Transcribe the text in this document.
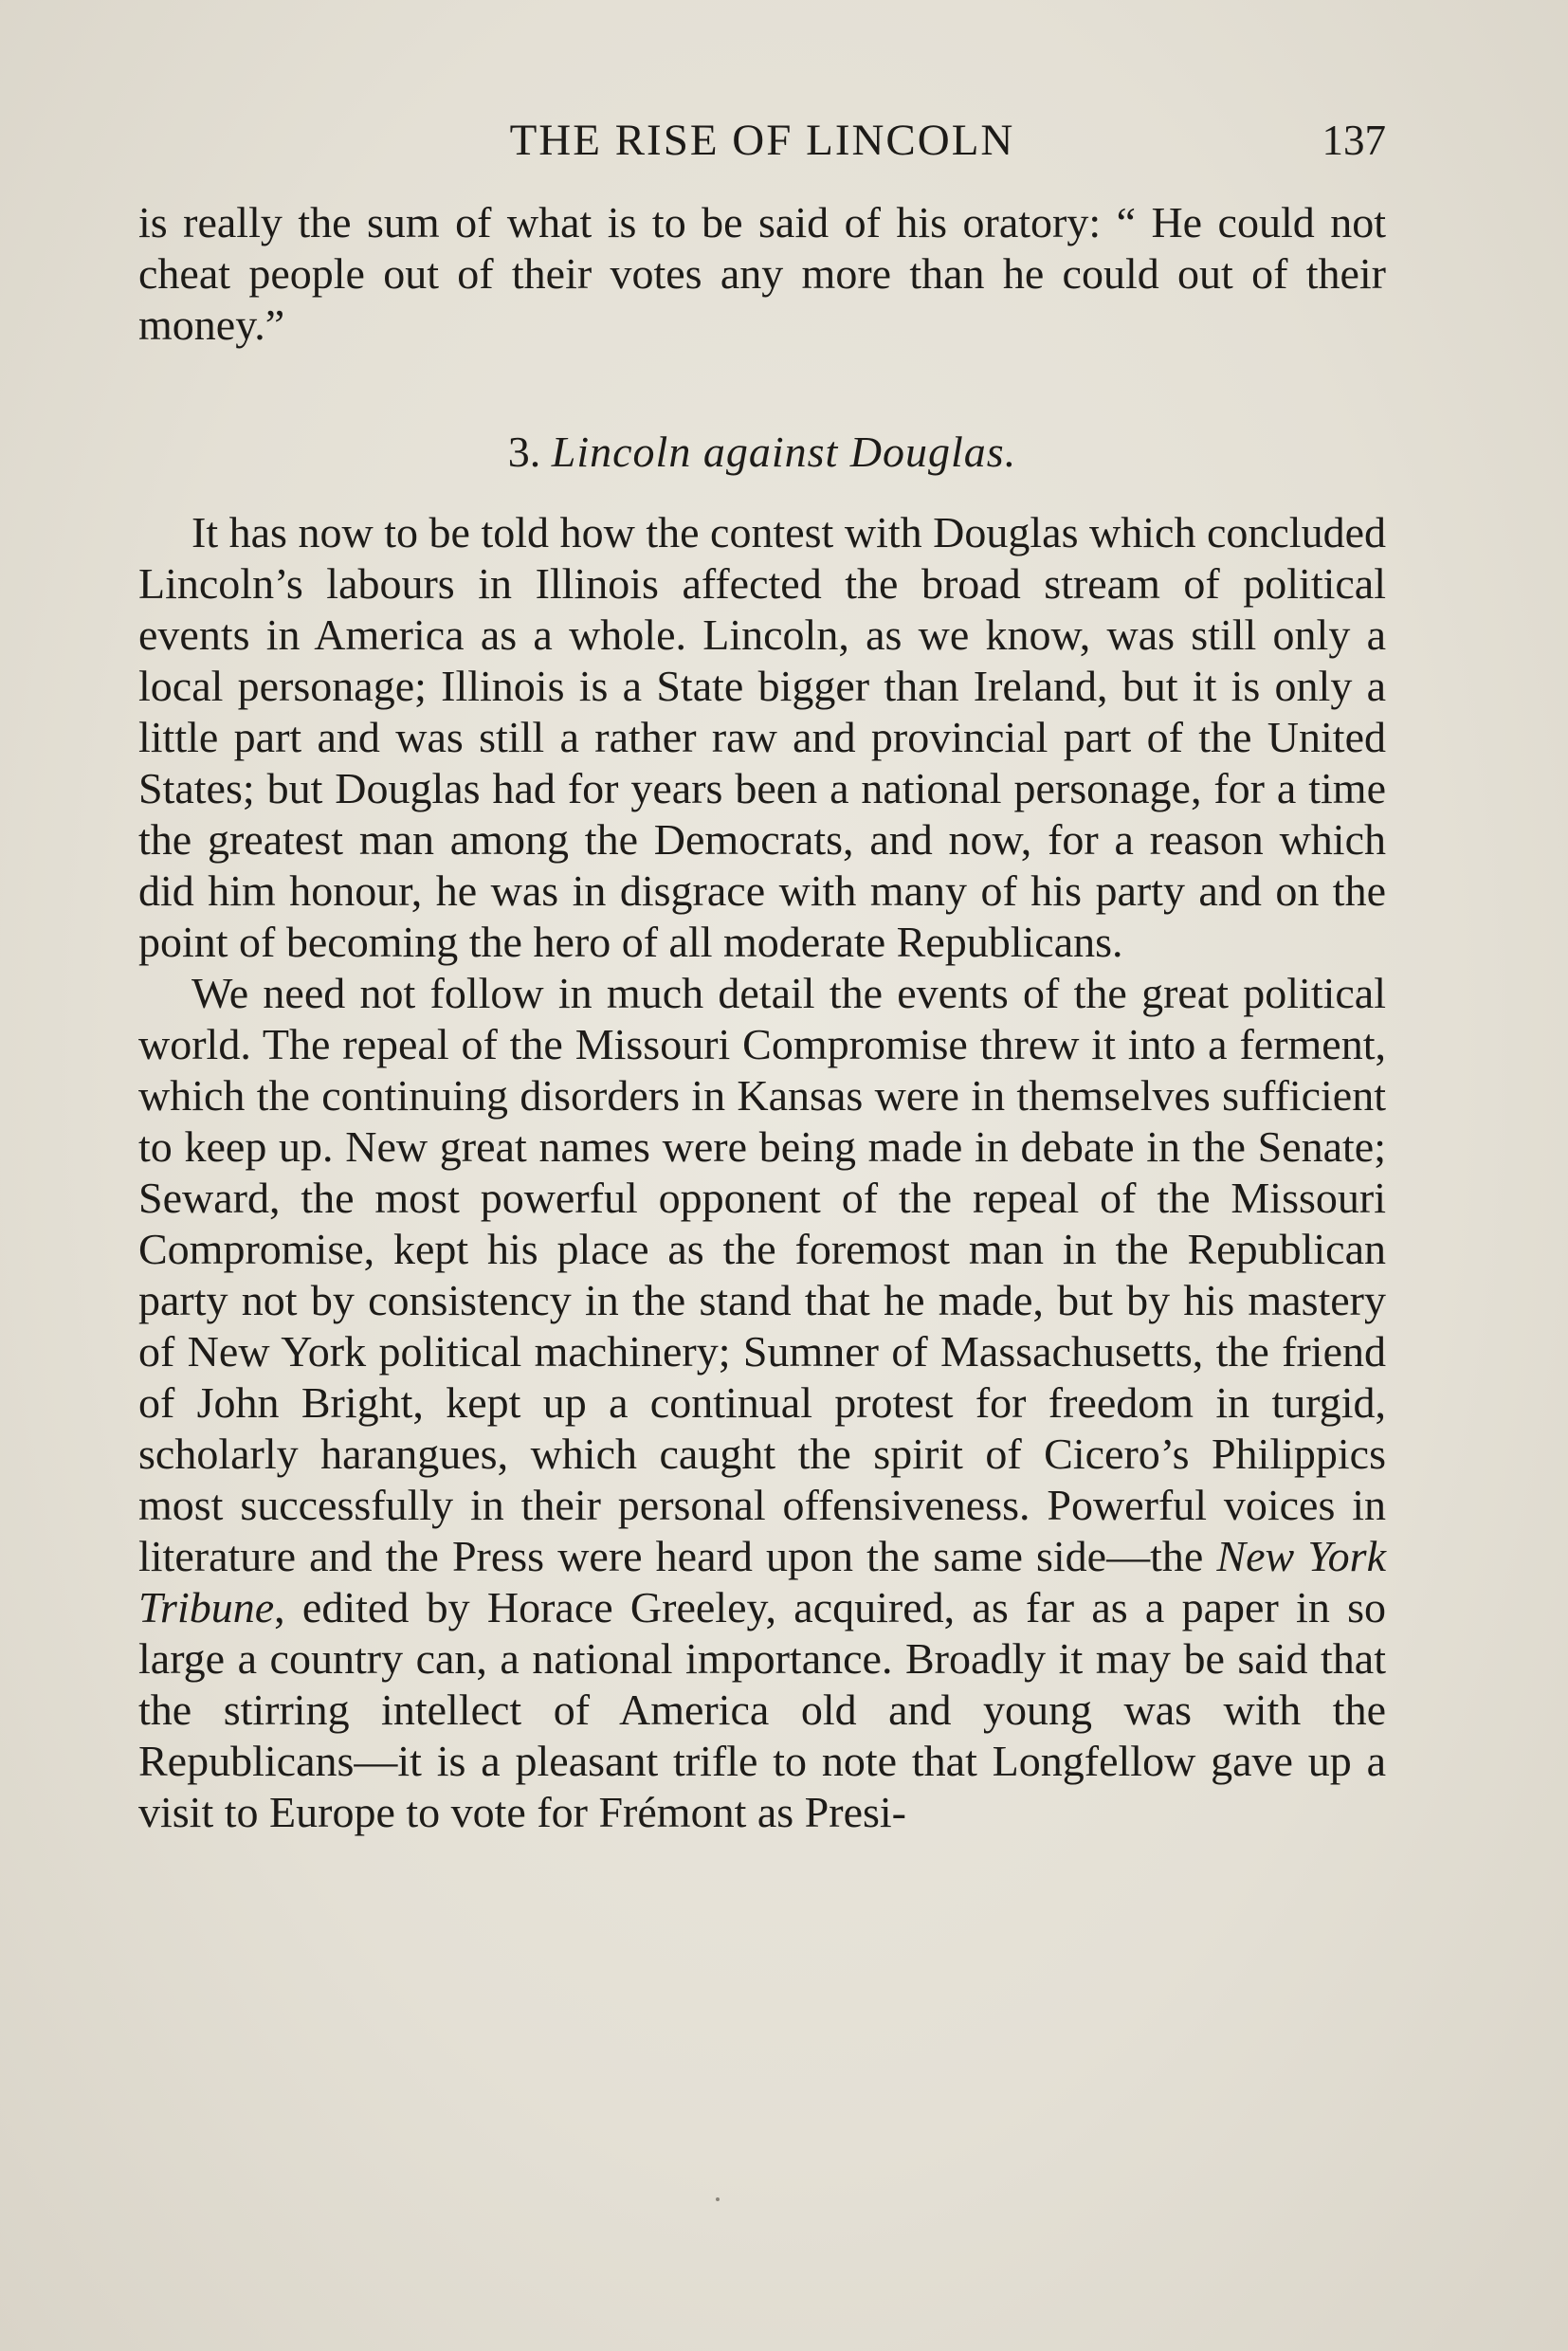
THE RISE OF LINCOLN	137

is really the sum of what is to be said of his oratory: “ He could not cheat people out of their votes any more than he could out of their money.”

3. Lincoln against Douglas.

It has now to be told how the contest with Douglas which concluded Lincoln’s labours in Illinois affected the broad stream of political events in America as a whole. Lincoln, as we know, was still only a local personage; Illinois is a State bigger than Ireland, but it is only a little part and was still a rather raw and provincial part of the United States; but Douglas had for years been a national personage, for a time the greatest man among the Democrats, and now, for a reason which did him honour, he was in disgrace with many of his party and on the point of becoming the hero of all moderate Republicans.

We need not follow in much detail the events of the great political world. The repeal of the Missouri Compromise threw it into a ferment, which the continuing disorders in Kansas were in themselves sufficient to keep up. New great names were being made in debate in the Senate; Seward, the most powerful opponent of the repeal of the Missouri Compromise, kept his place as the foremost man in the Republican party not by consistency in the stand that he made, but by his mastery of New York political machinery; Sumner of Massachusetts, the friend of John Bright, kept up a continual protest for freedom in turgid, scholarly harangues, which caught the spirit of Cicero’s Philippics most successfully in their personal offensiveness. Powerful voices in literature and the Press were heard upon the same side—the New York Tribune, edited by Horace Greeley, acquired, as far as a paper in so large a country can, a national importance. Broadly it may be said that the stirring intellect of America old and young was with the Republicans—it is a pleasant trifle to note that Longfellow gave up a visit to Europe to vote for Frémont as Presi-
